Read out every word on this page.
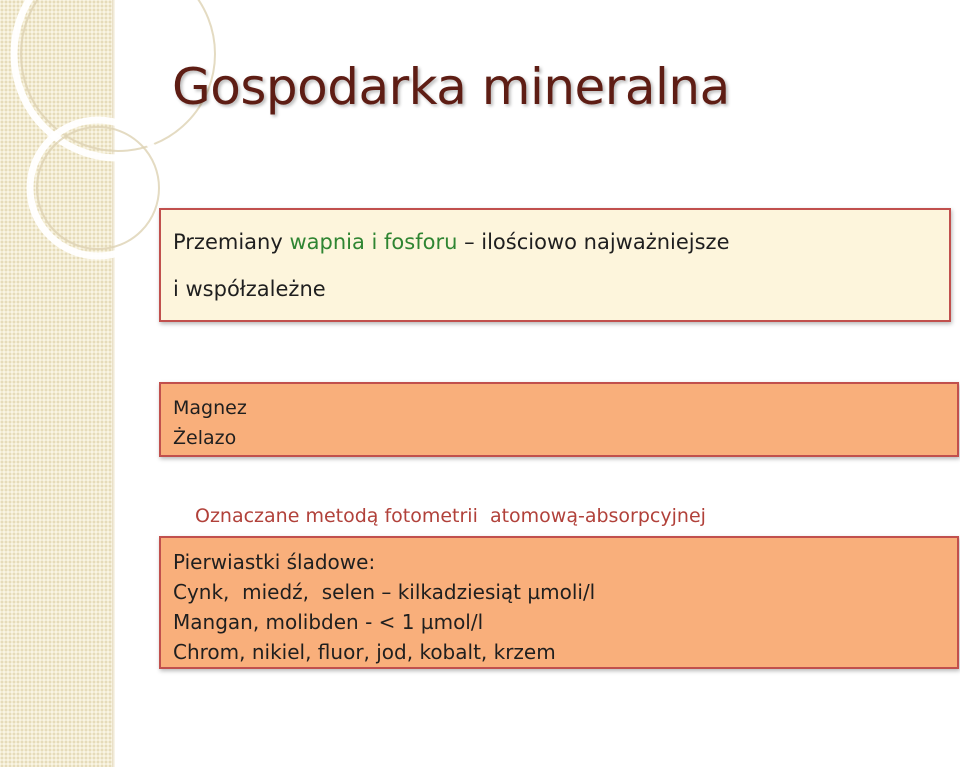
Gospodarka mineralna
Przemiany wapnia i fosforu – ilościowo najważniejsze
i współzależne
Magnez
Żelazo
Oznaczane metodą fotometrii  atomową-absorpcyjnej
Pierwiastki śladowe:
Cynk,  miedź,  selen – kilkadziesiąt µmoli/l
Mangan, molibden - < 1 µmol/l
Chrom, nikiel, fluor, jod, kobalt, krzem
